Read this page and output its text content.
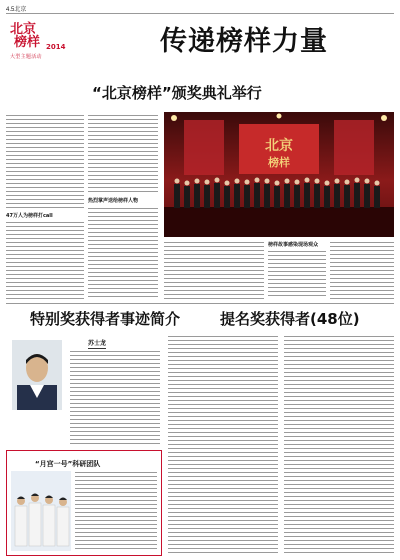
4.5北京
北京
榜样 2014
大型主题活动	传递榜样力量
“北京榜样”颁奖典礼举行
47万人为榜样打call
热烈掌声送给榜样人物
北京
榜样
榜样故事感染现场观众
特别奖获得者事迹简介	提名奖获得者(48位)
苏士龙
“月宫一号”科研团队
